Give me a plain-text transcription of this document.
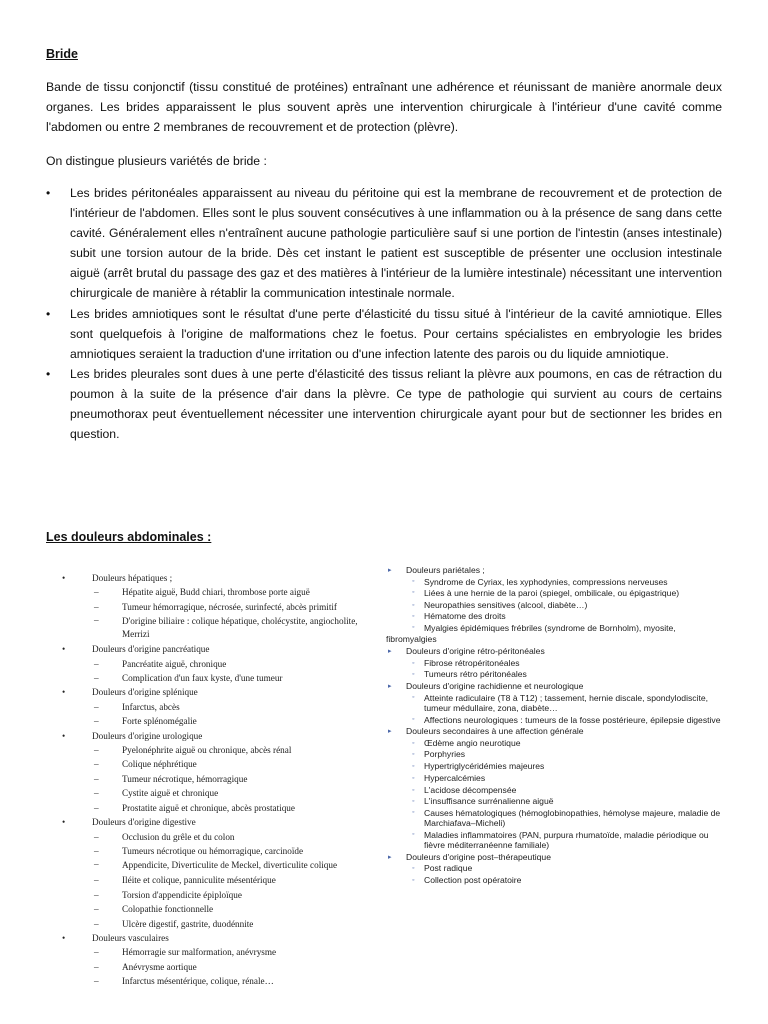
Bride

Bande de tissu conjonctif (tissu constitué de protéines) entraînant une adhérence et réunissant de manière anormale deux organes. Les brides apparaissent le plus souvent après une intervention chirurgicale à l'intérieur d'une cavité comme l'abdomen ou entre 2 membranes de recouvrement et de protection (plèvre).

On distingue plusieurs variétés de bride :

• Les brides péritonéales apparaissent au niveau du péritoine qui est la membrane de recouvrement et de protection de l'intérieur de l'abdomen. Elles sont le plus souvent consécutives à une inflammation ou à la présence de sang dans cette cavité. Généralement elles n'entraînent aucune pathologie particulière sauf si une portion de l'intestin (anses intestinale) subit une torsion autour de la bride. Dès cet instant le patient est susceptible de présenter une occlusion intestinale aiguë (arrêt brutal du passage des gaz et des matières à l'intérieur de la lumière intestinale) nécessitant une intervention chirurgicale de manière à rétablir la communication intestinale normale.
• Les brides amniotiques sont le résultat d'une perte d'élasticité du tissu situé à l'intérieur de la cavité amniotique. Elles sont quelquefois à l'origine de malformations chez le foetus. Pour certains spécialistes en embryologie les brides amniotiques seraient la traduction d'une irritation ou d'une infection latente des parois ou du liquide amniotique.
• Les brides pleurales sont dues à une perte d'élasticité des tissus reliant la plèvre aux poumons, en cas de rétraction du poumon à la suite de la présence d'air dans la plèvre. Ce type de pathologie qui survient au cours de certains pneumothorax peut éventuellement nécessiter une intervention chirurgicale ayant pour but de sectionner les brides en question.
Les douleurs abdominales :
•	Douleurs hépatiques ;
–	Hépatite aiguë, Budd chiari, thrombose porte aiguë
–	Tumeur hémorragique, nécrosée, surinfecté, abcès primitif
–	D'origine biliaire : colique hépatique, cholécystite, angiocholite, Merrizi
•	Douleurs d'origine pancréatique
–	Pancréatite aiguë, chronique
–	Complication d'un faux kyste, d'une tumeur
•	Douleurs d'origine splénique
–	Infarctus, abcès
–	Forte splénomégalie
•	Douleurs d'origine urologique
–	Pyelonéphrite aiguë ou chronique, abcès rénal
–	Colique néphrétique
–	Tumeur nécrotique, hémorragique
–	Cystite aiguë et chronique
–	Prostatite aiguë et chronique, abcès prostatique
•	Douleurs d'origine digestive
–	Occlusion du grêle et du colon
–	Tumeurs nécrotique ou hémorragique, carcinoïde
–	Appendicite, Diverticulite de Meckel, diverticulite colique
–	Iléite et colique, panniculite mésentérique
–	Torsion d'appendicite épiploïque
–	Colopathie fonctionnelle
–	Ulcère digestif, gastrite, duodénnite
•	Douleurs vasculaires
–	Hémorragie sur malformation, anévrysme
–	Anévrysme aortique
–	Infarctus mésentérique, colique, rénale…
▸ Douleurs pariétales ;
◦ Syndrome de Cyriax, les xyphodynies, compressions nerveuses
◦ Liées à une hernie de la paroi (spiegel, ombilicale, ou épigastrique)
◦ Neuropathies sensitives (alcool, diabète…)
◦ Hématome des droits
◦ Myalgies épidémiques frébriles (syndrome de Bornholm), myosite,
fibromyalgies
▸ Douleurs d'origine rétro-péritonéales
◦ Fibrose rétropéritonéales
◦ Tumeurs rétro péritonéales
▸ Douleurs d'origine rachidienne et neurologique
◦ Atteinte radiculaire (T8 à T12) ; tassement, hernie discale, spondylodiscite, tumeur médullaire, zona, diabète…
◦ Affections neurologiques : tumeurs de la fosse postérieure, épilepsie digestive
▸ Douleurs secondaires à une affection générale
◦ Œdème angio neurotique
◦ Porphyries
◦ Hypertriglycéridémies majeures
◦ Hypercalcémies
◦ L'acidose décompensée
◦ L'insuffisance surrénalienne aiguë
◦ Causes hématologiques (hémoglobinopathies, hémolyse majeure, maladie de Marchiafava–Micheli)
◦ Maladies inflammatoires (PAN, purpura rhumatoïde, maladie périodique ou fièvre méditerranéenne familiale)
▸ Douleurs d'origine post–thérapeutique
◦ Post radique
◦ Collection post opératoire
